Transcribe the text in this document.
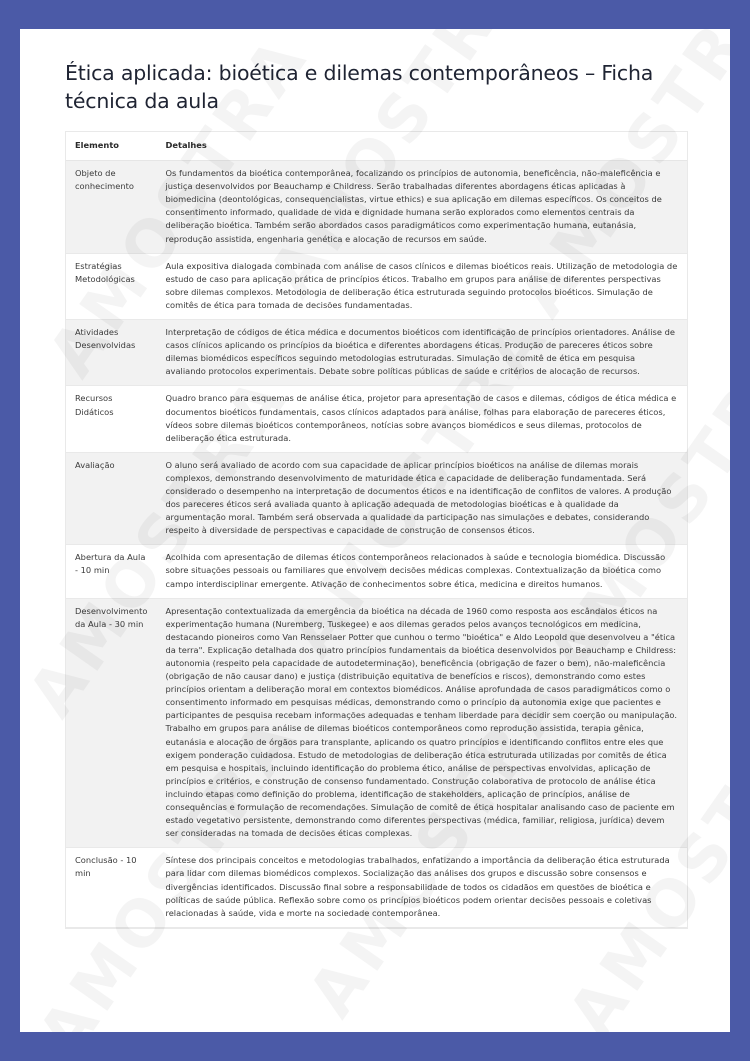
Ética aplicada: bioética e dilemas contemporâneos – Ficha técnica da aula
Elemento	Detalhes
Objeto de conhecimento	Os fundamentos da bioética contemporânea, focalizando os princípios de autonomia, beneficência, não-maleficência e justiça desenvolvidos por Beauchamp e Childress. Serão trabalhadas diferentes abordagens éticas aplicadas à biomedicina (deontológicas, consequencialistas, virtue ethics) e sua aplicação em dilemas específicos. Os conceitos de consentimento informado, qualidade de vida e dignidade humana serão explorados como elementos centrais da deliberação bioética. Também serão abordados casos paradigmáticos como experimentação humana, eutanásia, reprodução assistida, engenharia genética e alocação de recursos em saúde.
Estratégias Metodológicas	Aula expositiva dialogada combinada com análise de casos clínicos e dilemas bioéticos reais. Utilização de metodologia de estudo de caso para aplicação prática de princípios éticos. Trabalho em grupos para análise de diferentes perspectivas sobre dilemas complexos. Metodologia de deliberação ética estruturada seguindo protocolos bioéticos. Simulação de comitês de ética para tomada de decisões fundamentadas.
Atividades Desenvolvidas	Interpretação de códigos de ética médica e documentos bioéticos com identificação de princípios orientadores. Análise de casos clínicos aplicando os princípios da bioética e diferentes abordagens éticas. Produção de pareceres éticos sobre dilemas biomédicos específicos seguindo metodologias estruturadas. Simulação de comitê de ética em pesquisa avaliando protocolos experimentais. Debate sobre políticas públicas de saúde e critérios de alocação de recursos.
Recursos Didáticos	Quadro branco para esquemas de análise ética, projetor para apresentação de casos e dilemas, códigos de ética médica e documentos bioéticos fundamentais, casos clínicos adaptados para análise, folhas para elaboração de pareceres éticos, vídeos sobre dilemas bioéticos contemporâneos, notícias sobre avanços biomédicos e seus dilemas, protocolos de deliberação ética estruturada.
Avaliação	O aluno será avaliado de acordo com sua capacidade de aplicar princípios bioéticos na análise de dilemas morais complexos, demonstrando desenvolvimento de maturidade ética e capacidade de deliberação fundamentada. Será considerado o desempenho na interpretação de documentos éticos e na identificação de conflitos de valores. A produção dos pareceres éticos será avaliada quanto à aplicação adequada de metodologias bioéticas e à qualidade da argumentação moral. Também será observada a qualidade da participação nas simulações e debates, considerando respeito à diversidade de perspectivas e capacidade de construção de consensos éticos.
Abertura da Aula - 10 min	Acolhida com apresentação de dilemas éticos contemporâneos relacionados à saúde e tecnologia biomédica. Discussão sobre situações pessoais ou familiares que envolvem decisões médicas complexas. Contextualização da bioética como campo interdisciplinar emergente. Ativação de conhecimentos sobre ética, medicina e direitos humanos.
Desenvolvimento da Aula - 30 min	Apresentação contextualizada da emergência da bioética na década de 1960 como resposta aos escândalos éticos na experimentação humana (Nuremberg, Tuskegee) e aos dilemas gerados pelos avanços tecnológicos em medicina, destacando pioneiros como Van Rensselaer Potter que cunhou o termo "bioética" e Aldo Leopold que desenvolveu a "ética da terra". Explicação detalhada dos quatro princípios fundamentais da bioética desenvolvidos por Beauchamp e Childress: autonomia (respeito pela capacidade de autodeterminação), beneficência (obrigação de fazer o bem), não-maleficência (obrigação de não causar dano) e justiça (distribuição equitativa de benefícios e riscos), demonstrando como estes princípios orientam a deliberação moral em contextos biomédicos. Análise aprofundada de casos paradigmáticos como o consentimento informado em pesquisas médicas, demonstrando como o princípio da autonomia exige que pacientes e participantes de pesquisa recebam informações adequadas e tenham liberdade para decidir sem coerção ou manipulação. Trabalho em grupos para análise de dilemas bioéticos contemporâneos como reprodução assistida, terapia gênica, eutanásia e alocação de órgãos para transplante, aplicando os quatro princípios e identificando conflitos entre eles que exigem ponderação cuidadosa. Estudo de metodologias de deliberação ética estruturada utilizadas por comitês de ética em pesquisa e hospitais, incluindo identificação do problema ético, análise de perspectivas envolvidas, aplicação de princípios e critérios, e construção de consenso fundamentado. Construção colaborativa de protocolo de análise ética incluindo etapas como definição do problema, identificação de stakeholders, aplicação de princípios, análise de consequências e formulação de recomendações. Simulação de comitê de ética hospitalar analisando caso de paciente em estado vegetativo persistente, demonstrando como diferentes perspectivas (médica, familiar, religiosa, jurídica) devem ser consideradas na tomada de decisões éticas complexas.
Conclusão - 10 min	Síntese dos principais conceitos e metodologias trabalhados, enfatizando a importância da deliberação ética estruturada para lidar com dilemas biomédicos complexos. Socialização das análises dos grupos e discussão sobre consensos e divergências identificados. Discussão final sobre a responsabilidade de todos os cidadãos em questões de bioética e políticas de saúde pública. Reflexão sobre como os princípios bioéticos podem orientar decisões pessoais e coletivas relacionadas à saúde, vida e morte na sociedade contemporânea.
